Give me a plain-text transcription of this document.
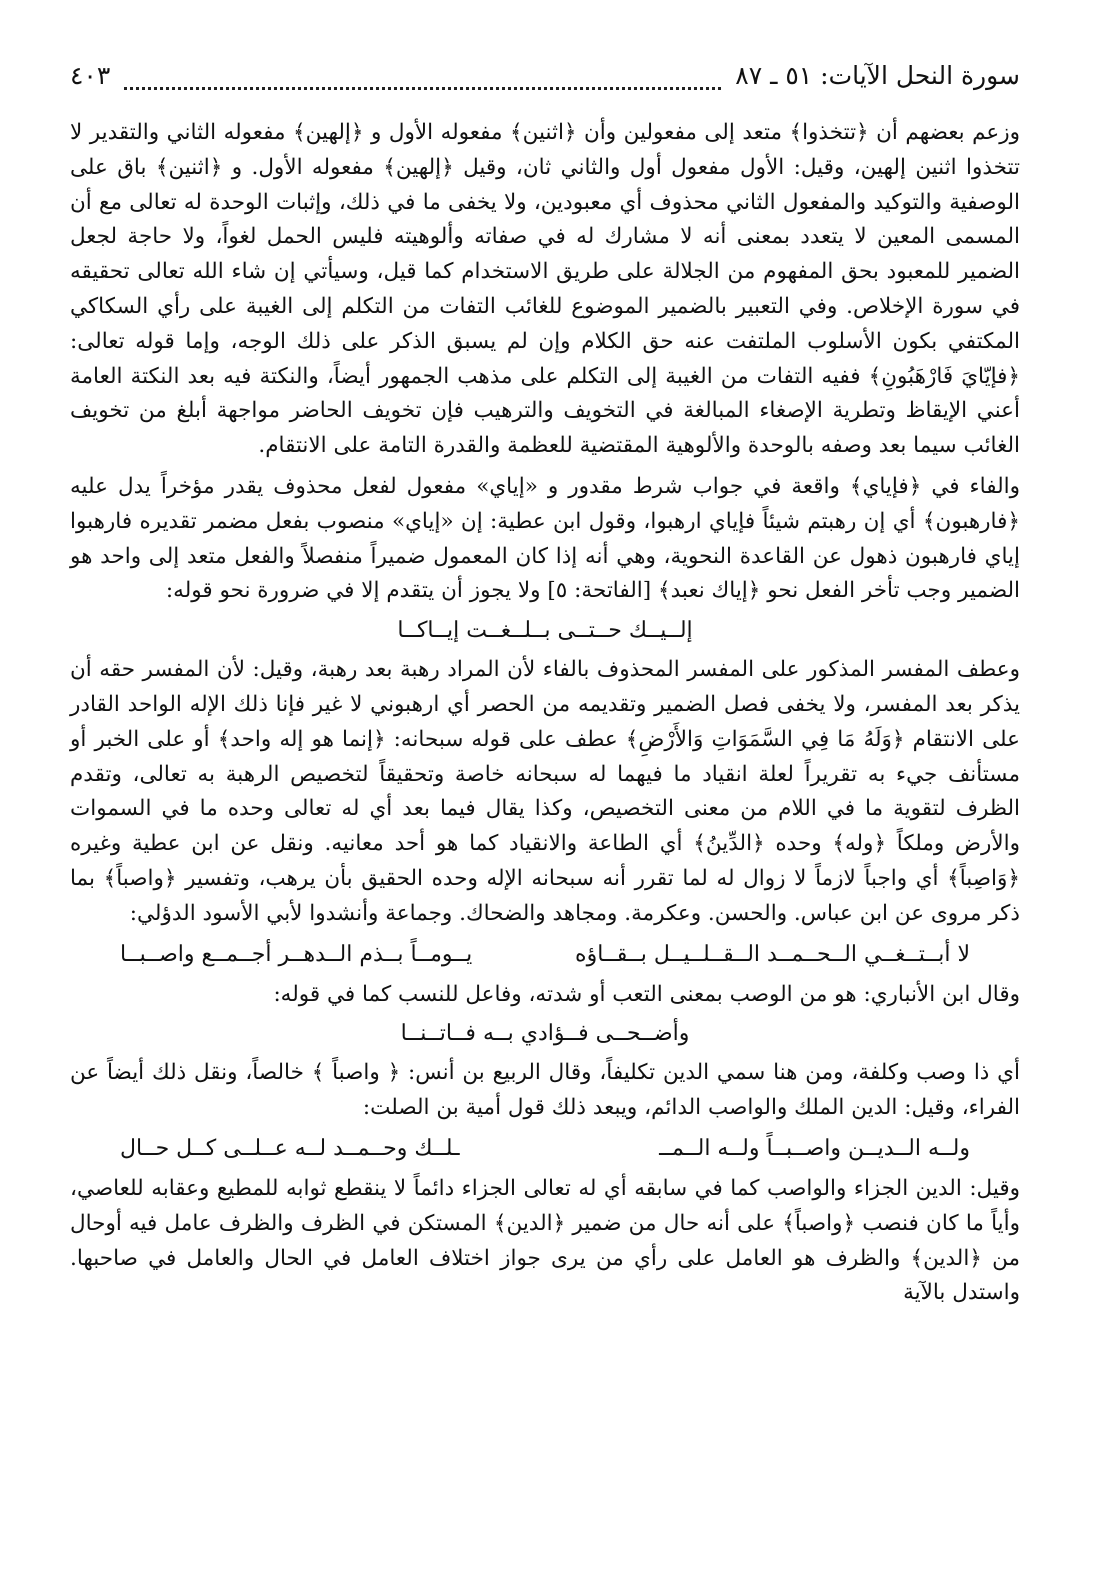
سورة النحل الآيات: ٥١ ـ ٨٧
٤٠٣

وزعم بعضهم أن ﴿تتخذوا﴾ متعد إلى مفعولين وأن ﴿اثنين﴾ مفعوله الأول و ﴿إلهين﴾ مفعوله الثاني والتقدير لا تتخذوا اثنين إلهين، وقيل: الأول مفعول أول والثاني ثان، وقيل ﴿إلهين﴾ مفعوله الأول. و ﴿اثنين﴾ باق على الوصفية والتوكيد والمفعول الثاني محذوف أي معبودين، ولا يخفى ما في ذلك، وإثبات الوحدة له تعالى مع أن المسمى المعين لا يتعدد بمعنى أنه لا مشارك له في صفاته وألوهيته فليس الحمل لغواً، ولا حاجة لجعل الضمير للمعبود بحق المفهوم من الجلالة على طريق الاستخدام كما قيل، وسيأتي إن شاء الله تعالى تحقيقه في سورة الإخلاص. وفي التعبير بالضمير الموضوع للغائب التفات من التكلم إلى الغيبة على رأي السكاكي المكتفي بكون الأسلوب الملتفت عنه حق الكلام وإن لم يسبق الذكر على ذلك الوجه، وإما قوله تعالى: ﴿فإيّايَ فَارْهَبُونِ﴾ ففيه التفات من الغيبة إلى التكلم على مذهب الجمهور أيضاً، والنكتة فيه بعد النكتة العامة أعني الإيقاظ وتطرية الإصغاء المبالغة في التخويف والترهيب فإن تخويف الحاضر مواجهة أبلغ من تخويف الغائب سيما بعد وصفه بالوحدة والألوهية المقتضية للعظمة والقدرة التامة على الانتقام.

والفاء في ﴿فإياي﴾ واقعة في جواب شرط مقدور و «إياي» مفعول لفعل محذوف يقدر مؤخراً يدل عليه ﴿فارهبون﴾ أي إن رهبتم شيئاً فإياي ارهبوا، وقول ابن عطية: إن «إياي» منصوب بفعل مضمر تقديره فارهبوا إياي فارهبون ذهول عن القاعدة النحوية، وهي أنه إذا كان المعمول ضميراً منفصلاً والفعل متعد إلى واحد هو الضمير وجب تأخر الفعل نحو ﴿إياك نعبد﴾ [الفاتحة: ٥] ولا يجوز أن يتقدم إلا في ضرورة نحو قوله:

إلــيــك حــتــى بــلــغــت إيــاكــا

وعطف المفسر المذكور على المفسر المحذوف بالفاء لأن المراد رهبة بعد رهبة، وقيل: لأن المفسر حقه أن يذكر بعد المفسر، ولا يخفى فصل الضمير وتقديمه من الحصر أي ارهبوني لا غير فإنا ذلك الإله الواحد القادر على الانتقام ﴿وَلَهُ مَا فِي السَّمَوَاتِ وَالأَرْضِ﴾ عطف على قوله سبحانه: ﴿إنما هو إله واحد﴾ أو على الخبر أو مستأنف جيء به تقريراً لعلة انقياد ما فيهما له سبحانه خاصة وتحقيقاً لتخصيص الرهبة به تعالى، وتقدم الظرف لتقوية ما في اللام من معنى التخصيص، وكذا يقال فيما بعد أي له تعالى وحده ما في السموات والأرض وملكاً ﴿وله﴾ وحده ﴿الدِّينُ﴾ أي الطاعة والانقياد كما هو أحد معانيه. ونقل عن ابن عطية وغيره ﴿وَاصِباً﴾ أي واجباً لازماً لا زوال له لما تقرر أنه سبحانه الإله وحده الحقيق بأن يرهب، وتفسير ﴿واصباً﴾ بما ذكر مروى عن ابن عباس. والحسن. وعكرمة. ومجاهد والضحاك. وجماعة وأنشدوا لأبي الأسود الدؤلي:

لا أبــتــغــي الــحــمــد الــقــلــيــل بــقــاؤه
يــومــاً بــذم الــدهــر أجــمــع واصــبــا

وقال ابن الأنباري: هو من الوصب بمعنى التعب أو شدته، وفاعل للنسب كما في قوله:

وأضــحــى فــؤادي بــه فــاتــنــا

أي ذا وصب وكلفة، ومن هنا سمي الدين تكليفاً، وقال الربيع بن أنس: ﴿ واصباً ﴾ خالصاً، ونقل ذلك أيضاً عن الفراء، وقيل: الدين الملك والواصب الدائم، ويبعد ذلك قول أمية بن الصلت:

ولــه الــديــن واصــبــاً ولــه الــمــ
ـلــك وحــمــد لــه عــلــى كــل حــال

وقيل: الدين الجزاء والواصب كما في سابقه أي له تعالى الجزاء دائماً لا ينقطع ثوابه للمطيع وعقابه للعاصي، وأياً ما كان فنصب ﴿واصباً﴾ على أنه حال من ضمير ﴿الدين﴾ المستكن في الظرف والظرف عامل فيه أوحال من ﴿الدين﴾ والظرف هو العامل على رأي من يرى جواز اختلاف العامل في الحال والعامل في صاحبها. واستدل بالآية
